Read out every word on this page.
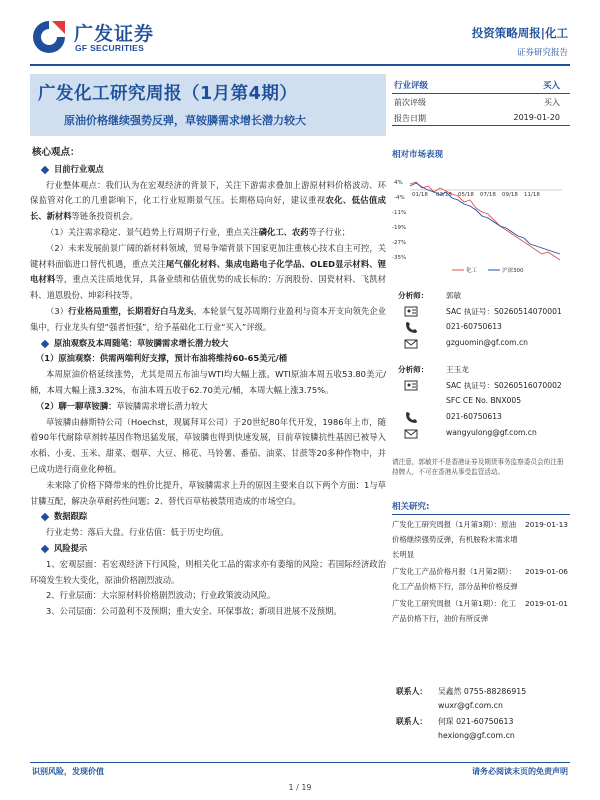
广发证券
GF SECURITIES
投资策略周报|化工
证券研究报告
广发化工研究周报（1月第4期）
原油价格继续强势反弹，草铵膦需求增长潜力较大
行业评级	买入
前次评级	买入
报告日期	2019-01-20
核心观点：
目前行业观点

行业整体观点：我们认为在宏观经济的背景下，关注下游需求叠加上游原材料价格波动、环保监管对化工的几重影响下，化工行业短期景气压。长期格局向好，建议重视农化、低估值成长、新材料等链条投资机会。

（1）关注需求稳定、景气趋势上行周期子行业，重点关注磷化工、农药等子行业；

（2）未来发展前景广阔的新材料领域，贸易争端背景下国家更加注重核心技术自主可控，关键材料面临进口替代机遇，重点关注尾气催化材料、集成电路电子化学品、OLED显示材料、锂电材料等，重点关注质地优异，具备业绩和估值优势的成长标的：万润股份、国瓷材料、飞凯材料、道恩股份、坤彩科技等。

（3）行业格局重塑，长期看好白马龙头，本轮景气复苏周期行业盈利与资本开支向领先企业集中，行业龙头有望“强者恒强”，给予基础化工行业“买入”评级。

原油观察及本周随笔：草铵膦需求增长潜力较大
（1）原油观察：供需两端利好支撑，预计布油将维持60-65美元/桶

本周原油价格延续涨势，尤其是周五布油与WTI均大幅上涨。WTI原油本周五收53.80美元/桶，本周大幅上涨3.32%，布油本周五收于62.70美元/桶，本周大幅上涨3.75%。

（2）聊一聊草铵膦：草铵膦需求增长潜力较大

草铵膦由赫斯特公司（Hoechst，现属拜耳公司）于20世纪80年代开发，1986年上市，随着90年代耐除草剂转基因作物迅猛发展，草铵膦也得到快速发展，目前草铵膦抗性基因已被导入水稻、小麦、玉米、甜菜、烟草、大豆、棉花、马铃薯、番茄、油菜、甘蔗等20多种作物中，并已成功进行商业化种植。

未来除了价格下降带来的性价比提升，草铵膦需求上升的原因主要来自以下两个方面：1与草甘膦互配，解决杂草耐药性问题；2、替代百草枯被禁用造成的市场空白。

数据跟踪

行业走势：落后大盘。行业估值：低于历史均值。

风险提示

1、宏观层面：若宏观经济下行风险，则相关化工品的需求亦有萎缩的风险；若国际经济政治环境发生较大变化，原油价格剧烈波动。

2、行业层面：大宗原材料价格剧烈波动；行业政策波动风险。

3、公司层面：公司盈利不及预期；重大安全、环保事故；新项目进展不及预期。

相对市场表现
4%
-4%
-11%
-19%
-27%
-35%
01/18 03/18 05/18 07/18 09/18 11/18
化工	沪深300
分析师： 郭敏
SAC 执证号：S0260514070001
021-60750613
gzguomin@gf.com.cn
分析师： 王玉龙
SAC 执证号：S0260516070002
SFC CE No. BNX005
021-60750613
wangyulong@gf.com.cn
请注意，郭敏并不是香港证券及期货事务监察委员会的注册持牌人，不可在香港从事受监管活动。
相关研究:
广发化工研究周报（1月第3期）：原油价格继续强势反弹，有机胺粉末需求增长明显
2019-01-13
广发化工产品价格月报（1月第2期）：化工产品价格下行，部分品种价格反弹
2019-01-06
广发化工研究周报（1月第1期）：化工产品价格下行，油价有所反弹
2019-01-01
联系人： 吴鑫然 0755-88286915
wuxr@gf.com.cn
联系人： 何琛 021-60750613
hexiong@gf.com.cn
识别风险，发现价值	请务必阅读末页的免责声明
1 / 19
